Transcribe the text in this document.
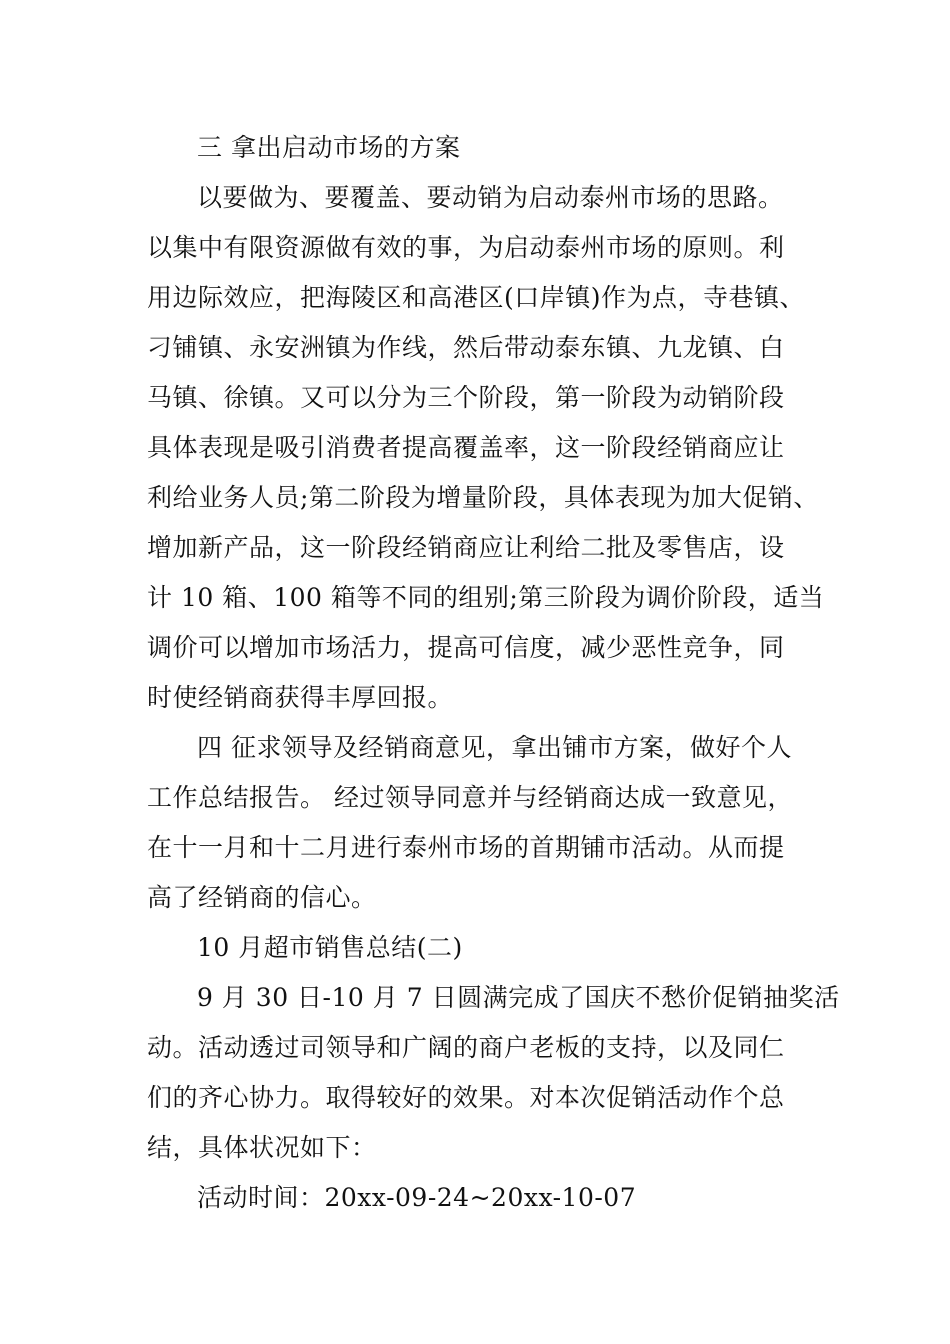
三 拿出启动市场的方案
以要做为、要覆盖、要动销为启动泰州市场的思路。
以集中有限资源做有效的事，为启动泰州市场的原则。利
用边际效应，把海陵区和高港区(口岸镇)作为点，寺巷镇、
刁铺镇、永安洲镇为作线，然后带动泰东镇、九龙镇、白
马镇、徐镇。又可以分为三个阶段，第一阶段为动销阶段
具体表现是吸引消费者提高覆盖率，这一阶段经销商应让
利给业务人员;第二阶段为增量阶段，具体表现为加大促销、
增加新产品，这一阶段经销商应让利给二批及零售店，设
计 10 箱、100 箱等不同的组别;第三阶段为调价阶段，适当
调价可以增加市场活力，提高可信度，减少恶性竞争，同
时使经销商获得丰厚回报。
四 征求领导及经销商意见，拿出铺市方案，做好个人
工作总结报告。 经过领导同意并与经销商达成一致意见，
在十一月和十二月进行泰州市场的首期铺市活动。从而提
高了经销商的信心。
10 月超市销售总结(二)
9 月 30 日-10 月 7 日圆满完成了国庆不愁价促销抽奖活
动。活动透过司领导和广阔的商户老板的支持，以及同仁
们的齐心协力。取得较好的效果。对本次促销活动作个总
结，具体状况如下：
活动时间：20xx-09-24~20xx-10-07
